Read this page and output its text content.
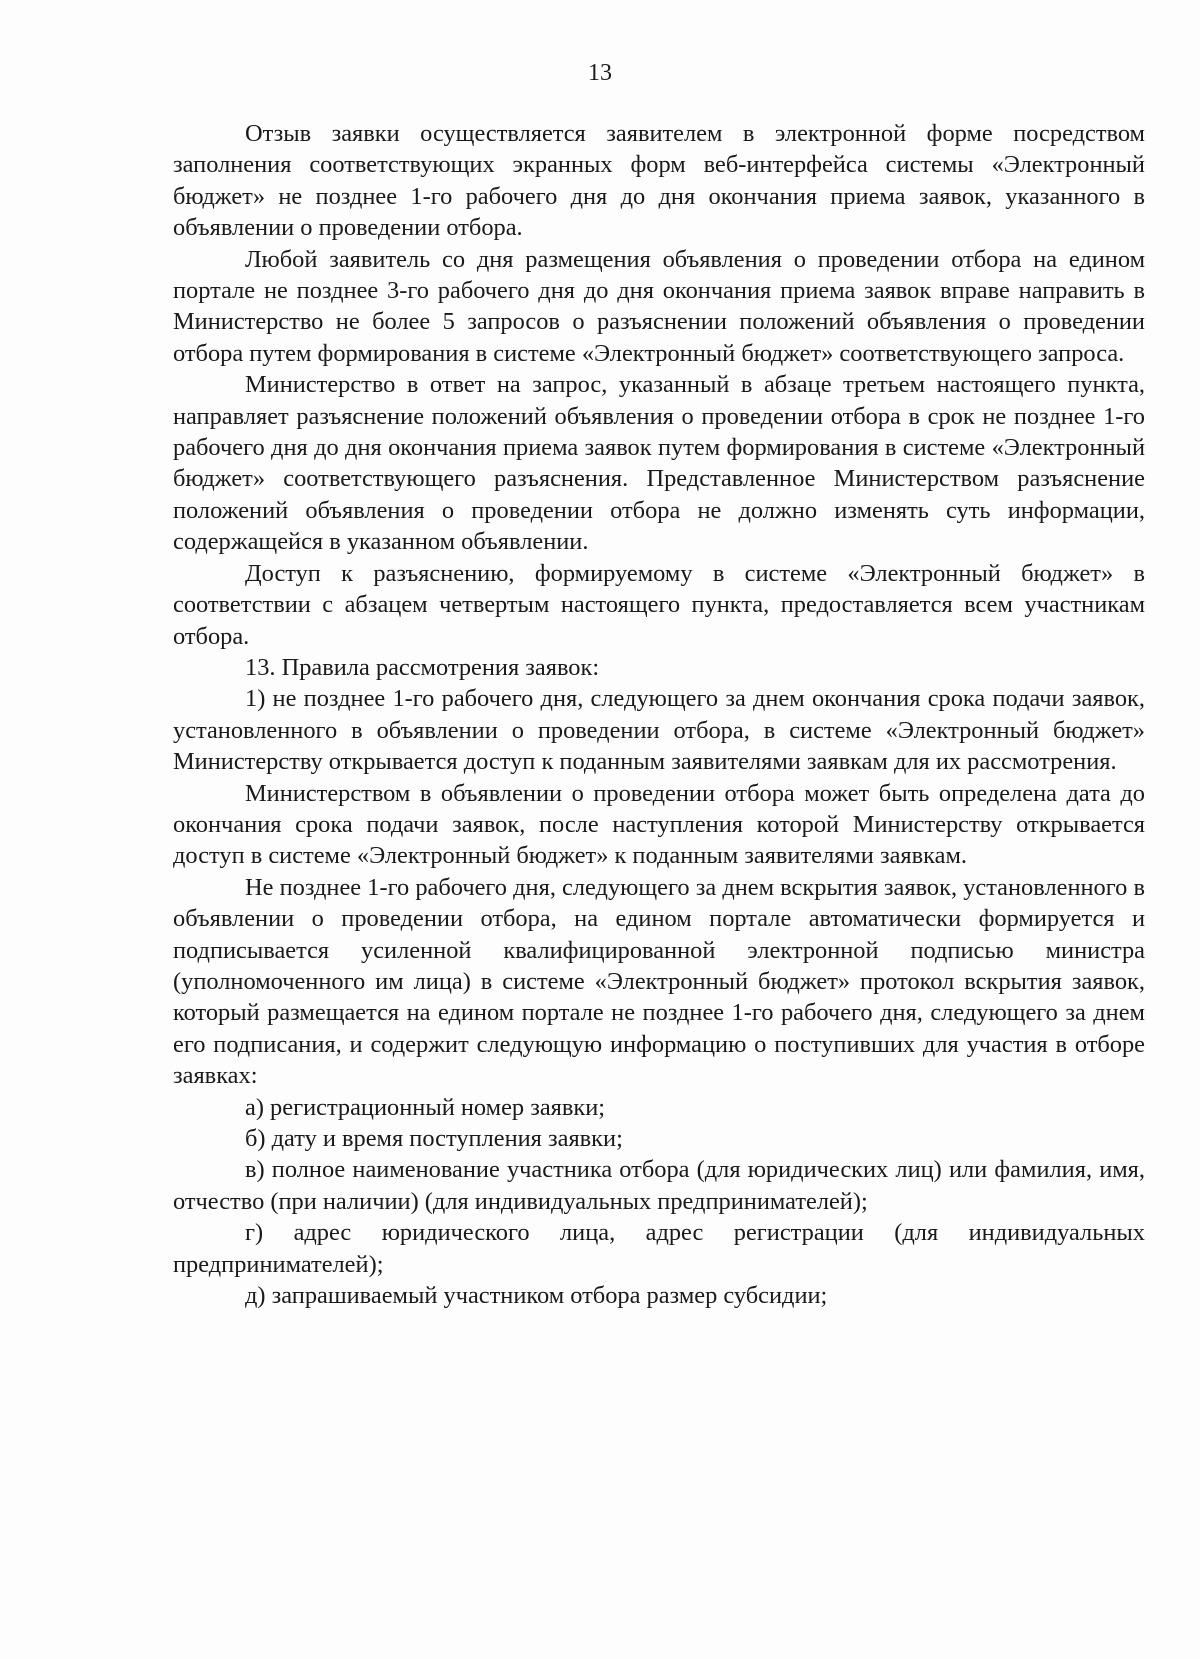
13

Отзыв заявки осуществляется заявителем в электронной форме посредством заполнения соответствующих экранных форм веб-интерфейса системы «Электронный бюджет» не позднее 1-го рабочего дня до дня окончания приема заявок, указанного в объявлении о проведении отбора.

Любой заявитель со дня размещения объявления о проведении отбора на едином портале не позднее 3-го рабочего дня до дня окончания приема заявок вправе направить в Министерство не более 5 запросов о разъяснении положений объявления о проведении отбора путем формирования в системе «Электронный бюджет» соответствующего запроса.

Министерство в ответ на запрос, указанный в абзаце третьем настоящего пункта, направляет разъяснение положений объявления о проведении отбора в срок не позднее 1-го рабочего дня до дня окончания приема заявок путем формирования в системе «Электронный бюджет» соответствующего разъяснения. Представленное Министерством разъяснение положений объявления о проведении отбора не должно изменять суть информации, содержащейся в указанном объявлении.

Доступ к разъяснению, формируемому в системе «Электронный бюджет» в соответствии с абзацем четвертым настоящего пункта, предоставляется всем участникам отбора.

13. Правила рассмотрения заявок:

1) не позднее 1-го рабочего дня, следующего за днем окончания срока подачи заявок, установленного в объявлении о проведении отбора, в системе «Электронный бюджет» Министерству открывается доступ к поданным заявителями заявкам для их рассмотрения.

Министерством в объявлении о проведении отбора может быть определена дата до окончания срока подачи заявок, после наступления которой Министерству открывается доступ в системе «Электронный бюджет» к поданным заявителями заявкам.

Не позднее 1-го рабочего дня, следующего за днем вскрытия заявок, установленного в объявлении о проведении отбора, на едином портале автоматически формируется и подписывается усиленной квалифицированной электронной подписью министра (уполномоченного им лица) в системе «Электронный бюджет» протокол вскрытия заявок, который размещается на едином портале не позднее 1-го рабочего дня, следующего за днем его подписания, и содержит следующую информацию о поступивших для участия в отборе заявках:

а) регистрационный номер заявки;

б) дату и время поступления заявки;

в) полное наименование участника отбора (для юридических лиц) или фамилия, имя, отчество (при наличии) (для индивидуальных предпринимателей);

г) адрес юридического лица, адрес регистрации (для индивидуальных предпринимателей);

д) запрашиваемый участником отбора размер субсидии;
